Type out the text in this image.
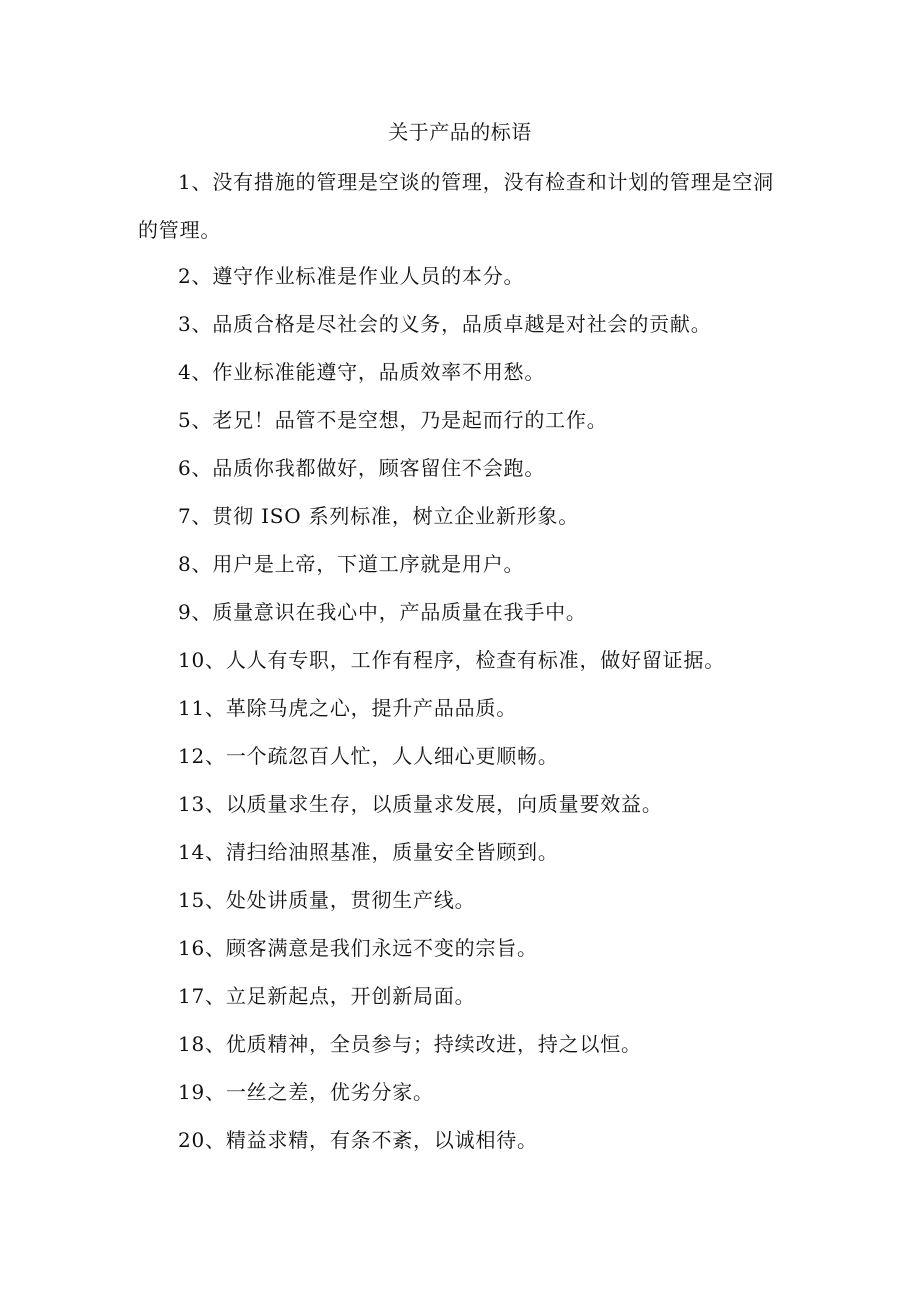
关于产品的标语

1、没有措施的管理是空谈的管理，没有检查和计划的管理是空洞的管理。

2、遵守作业标准是作业人员的本分。

3、品质合格是尽社会的义务，品质卓越是对社会的贡献。

4、作业标准能遵守，品质效率不用愁。

5、老兄！品管不是空想，乃是起而行的工作。

6、品质你我都做好，顾客留住不会跑。

7、贯彻 ISO 系列标准，树立企业新形象。

8、用户是上帝，下道工序就是用户。

9、质量意识在我心中，产品质量在我手中。

10、人人有专职，工作有程序，检查有标准，做好留证据。

11、革除马虎之心，提升产品品质。

12、一个疏忽百人忙，人人细心更顺畅。

13、以质量求生存，以质量求发展，向质量要效益。

14、清扫给油照基准，质量安全皆顾到。

15、处处讲质量，贯彻生产线。

16、顾客满意是我们永远不变的宗旨。

17、立足新起点，开创新局面。

18、优质精神，全员参与；持续改进，持之以恒。

19、一丝之差，优劣分家。

20、精益求精，有条不紊，以诚相待。
